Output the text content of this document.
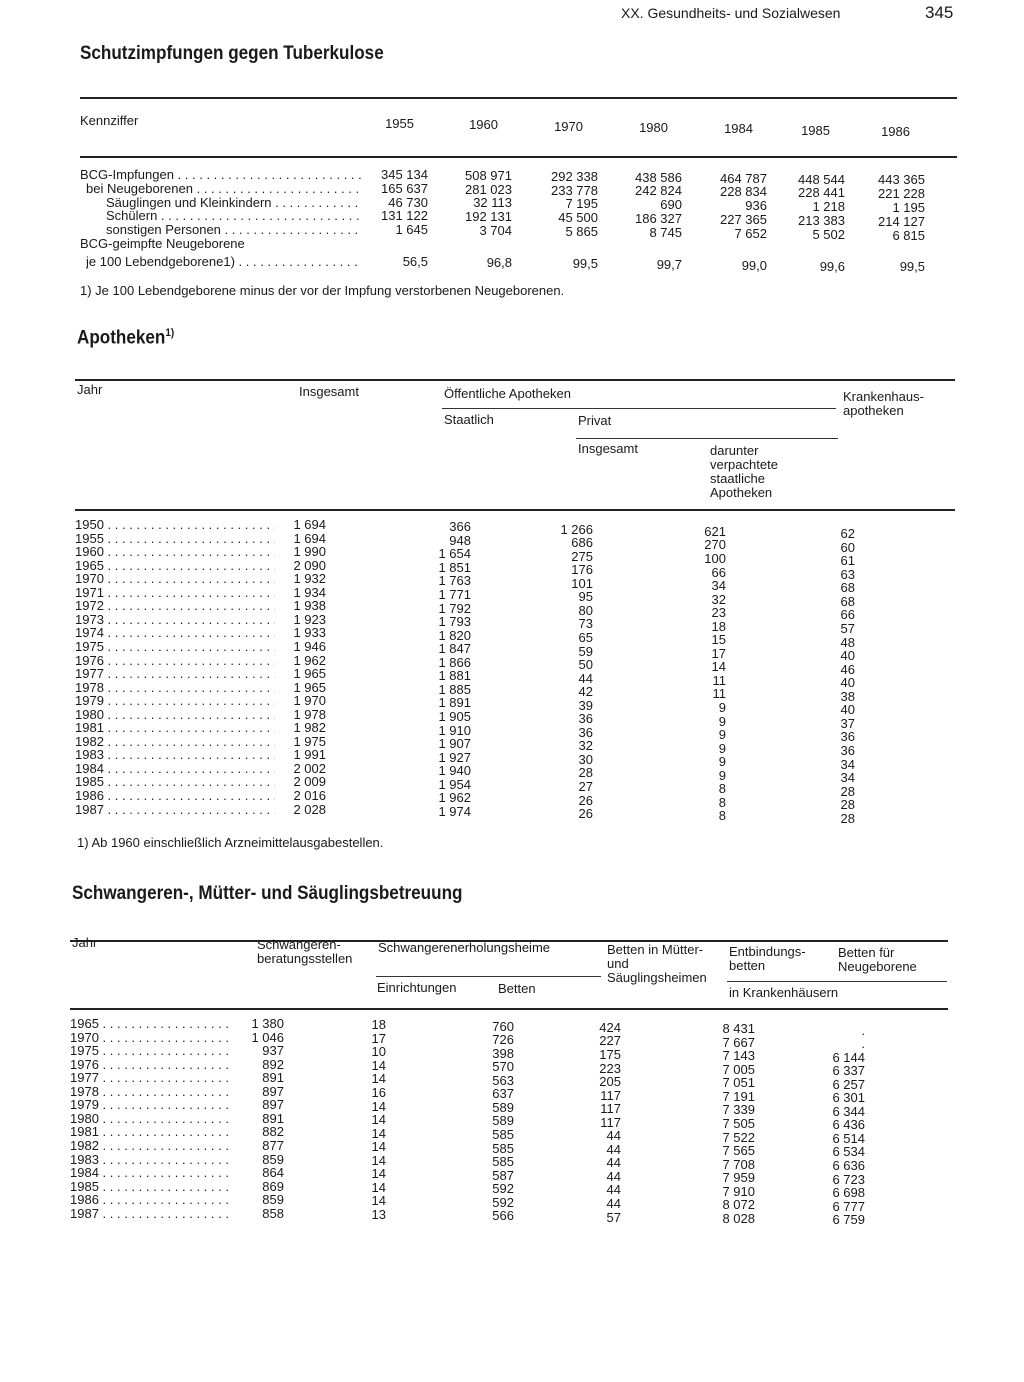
XX. Gesundheits- und Sozialwesen	345
Schutzimpfungen gegen Tuberkulose
Kennziffer	1955	1960	1970	1980	1984	1985	1986
BCG-Impfungen . . .	345 134	508 971	292 338	438 586	464 787	448 544	443 365
bei Neugeborenen . . .	165 637	281 023	233 778	242 824	228 834	228 441	221 228
Säuglingen und Kleinkindern . . .	46 730	32 113	7 195	690	936	1 218	1 195
Schülern . . .	131 122	192 131	45 500	186 327	227 365	213 383	214 127
sonstigen Personen . . .	1 645	3 704	5 865	8 745	7 652	5 502	6 815
BCG-geimpfte Neugeborene
je 100 Lebendgeborene1) . . .	56,5	96,8	99,5	99,7	99,0	99,6	99,5
1) Je 100 Lebendgeborene minus der vor der Impfung verstorbenen Neugeborenen.
Apotheken$^{1)}$
Jahr	Insgesamt	Öffentliche Apotheken	Krankenhaus-apotheken
Staatlich	Privat
Insgesamt	darunter verpachtete staatliche Apotheken
1950 . . .	1 694	366	1 266	621	62
1955 . . .	1 694	948	686	270	60
1960 . . .	1 990	1 654	275	100	61
1965 . . .	2 090	1 851	176	66	63
1970 . . .	1 932	1 763	101	34	68
1971 . . .	1 934	1 771	95	32	68
1972 . . .	1 938	1 792	80	23	66
1973 . . .	1 923	1 793	73	18	57
1974 . . .	1 933	1 820	65	15	48
1975 . . .	1 946	1 847	59	17	40
1976 . . .	1 962	1 866	50	14	46
1977 . . .	1 965	1 881	44	11	40
1978 . . .	1 965	1 885	42	11	38
1979 . . .	1 970	1 891	39	9	40
1980 . . .	1 978	1 905	36	9	37
1981 . . .	1 982	1 910	36	9	36
1982 . . .	1 975	1 907	32	9	36
1983 . . .	1 991	1 927	30	9	34
1984 . . .	2 002	1 940	28	9	34
1985 . . .	2 009	1 954	27	8	28
1986 . . .	2 016	1 962	26	8	28
1987 . . .	2 028	1 974	26	8	28
1) Ab 1960 einschließlich Arzneimittelausgabestellen.
Schwangeren-, Mütter- und Säuglingsbetreuung
Jahr	Schwangeren-beratungsstellen
Schwangerenerholungsheime	Betten in Mütter- und Säuglingsheimen
Entbindungs-betten
Betten für Neugeborene
Einrichtungen	Betten	in Krankenhäusern
1965 . . .	1 380	18	760	424	8 431	.
1970 . . .	1 046	17	726	227	7 667	.
1975 . . .	937	10	398	175	7 143	6 144
1976 . . .	892	14	570	223	7 005	6 337
1977 . . .	891	14	563	205	7 051	6 257
1978 . . .	897	16	637	117	7 191	6 301
1979 . . .	897	14	589	117	7 339	6 344
1980 . . .	891	14	589	117	7 505	6 436
1981 . . .	882	14	585	44	7 522	6 514
1982 . . .	877	14	585	44	7 565	6 534
1983 . . .	859	14	585	44	7 708	6 636
1984 . . .	864	14	587	44	7 959	6 723
1985 . . .	869	14	592	44	7 910	6 698
1986 . . .	859	14	592	44	8 072	6 777
1987 . . .	858	13	566	57	8 028	6 759
